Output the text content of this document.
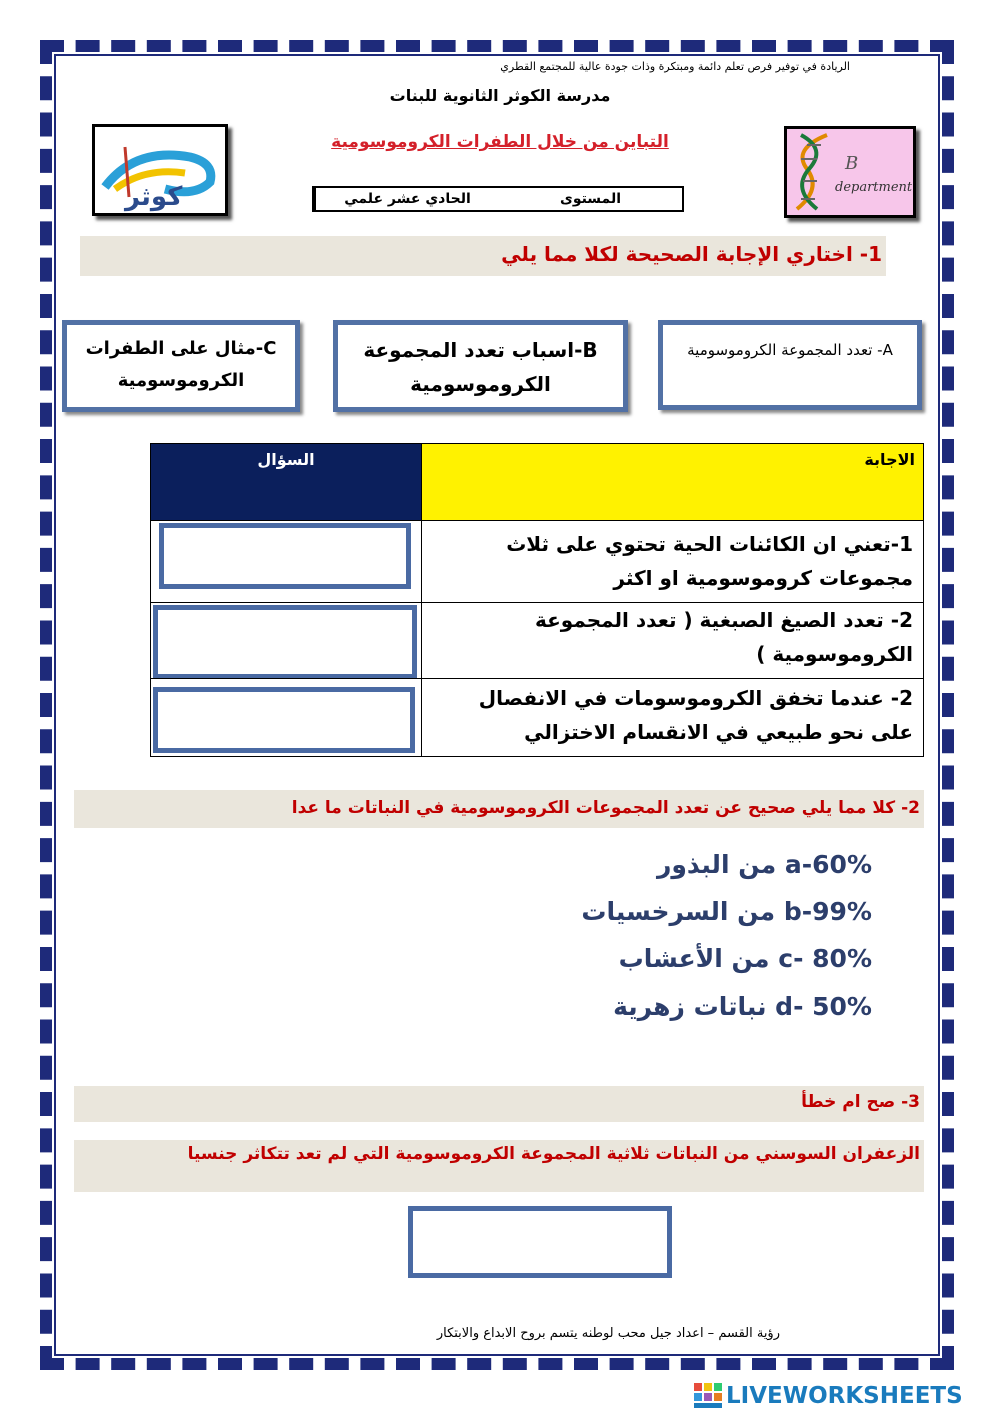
الريادة في توفير فرص تعلم دائمة ومبتكرة وذات جودة عالية للمجتمع القطري
مدرسة الكوثر الثانوية للبنات
التباين من خلال الطفرات الكروموسومية
المستوى
الحادي عشر علمي
كوثر
B
department
1- اختاري الإجابة الصحيحة لكلا مما يلي
A- تعدد المجموعة الكروموسومية
B-اسباب تعدد المجموعة الكروموسومية
C-مثال على الطفرات الكروموسومية
الاجابة
السؤال
1-تعني ان الكائنات الحية تحتوي على ثلاث مجموعات كروموسومية او اكثر
2- تعدد الصيغ الصبغية ( تعدد المجموعة الكروموسومية )
2- عندما تخفق الكروموسومات في الانفصال على نحو طبيعي في الانقسام الاختزالي
2- كلا مما يلي صحيح عن تعدد المجموعات الكروموسومية في النباتات ما عدا
a-60% من البذور
b-99% من السرخسيات
c- 80% من الأعشاب
d- 50% نباتات زهرية
3- صح ام خطأ
الزعفران السوسني من النباتات ثلاثية المجموعة الكروموسومية التي لم تعد تتكاثر جنسيا
رؤية القسم – اعداد جيل محب لوطنه يتسم بروح الابداع والابتكار
LIVEWORKSHEETS
